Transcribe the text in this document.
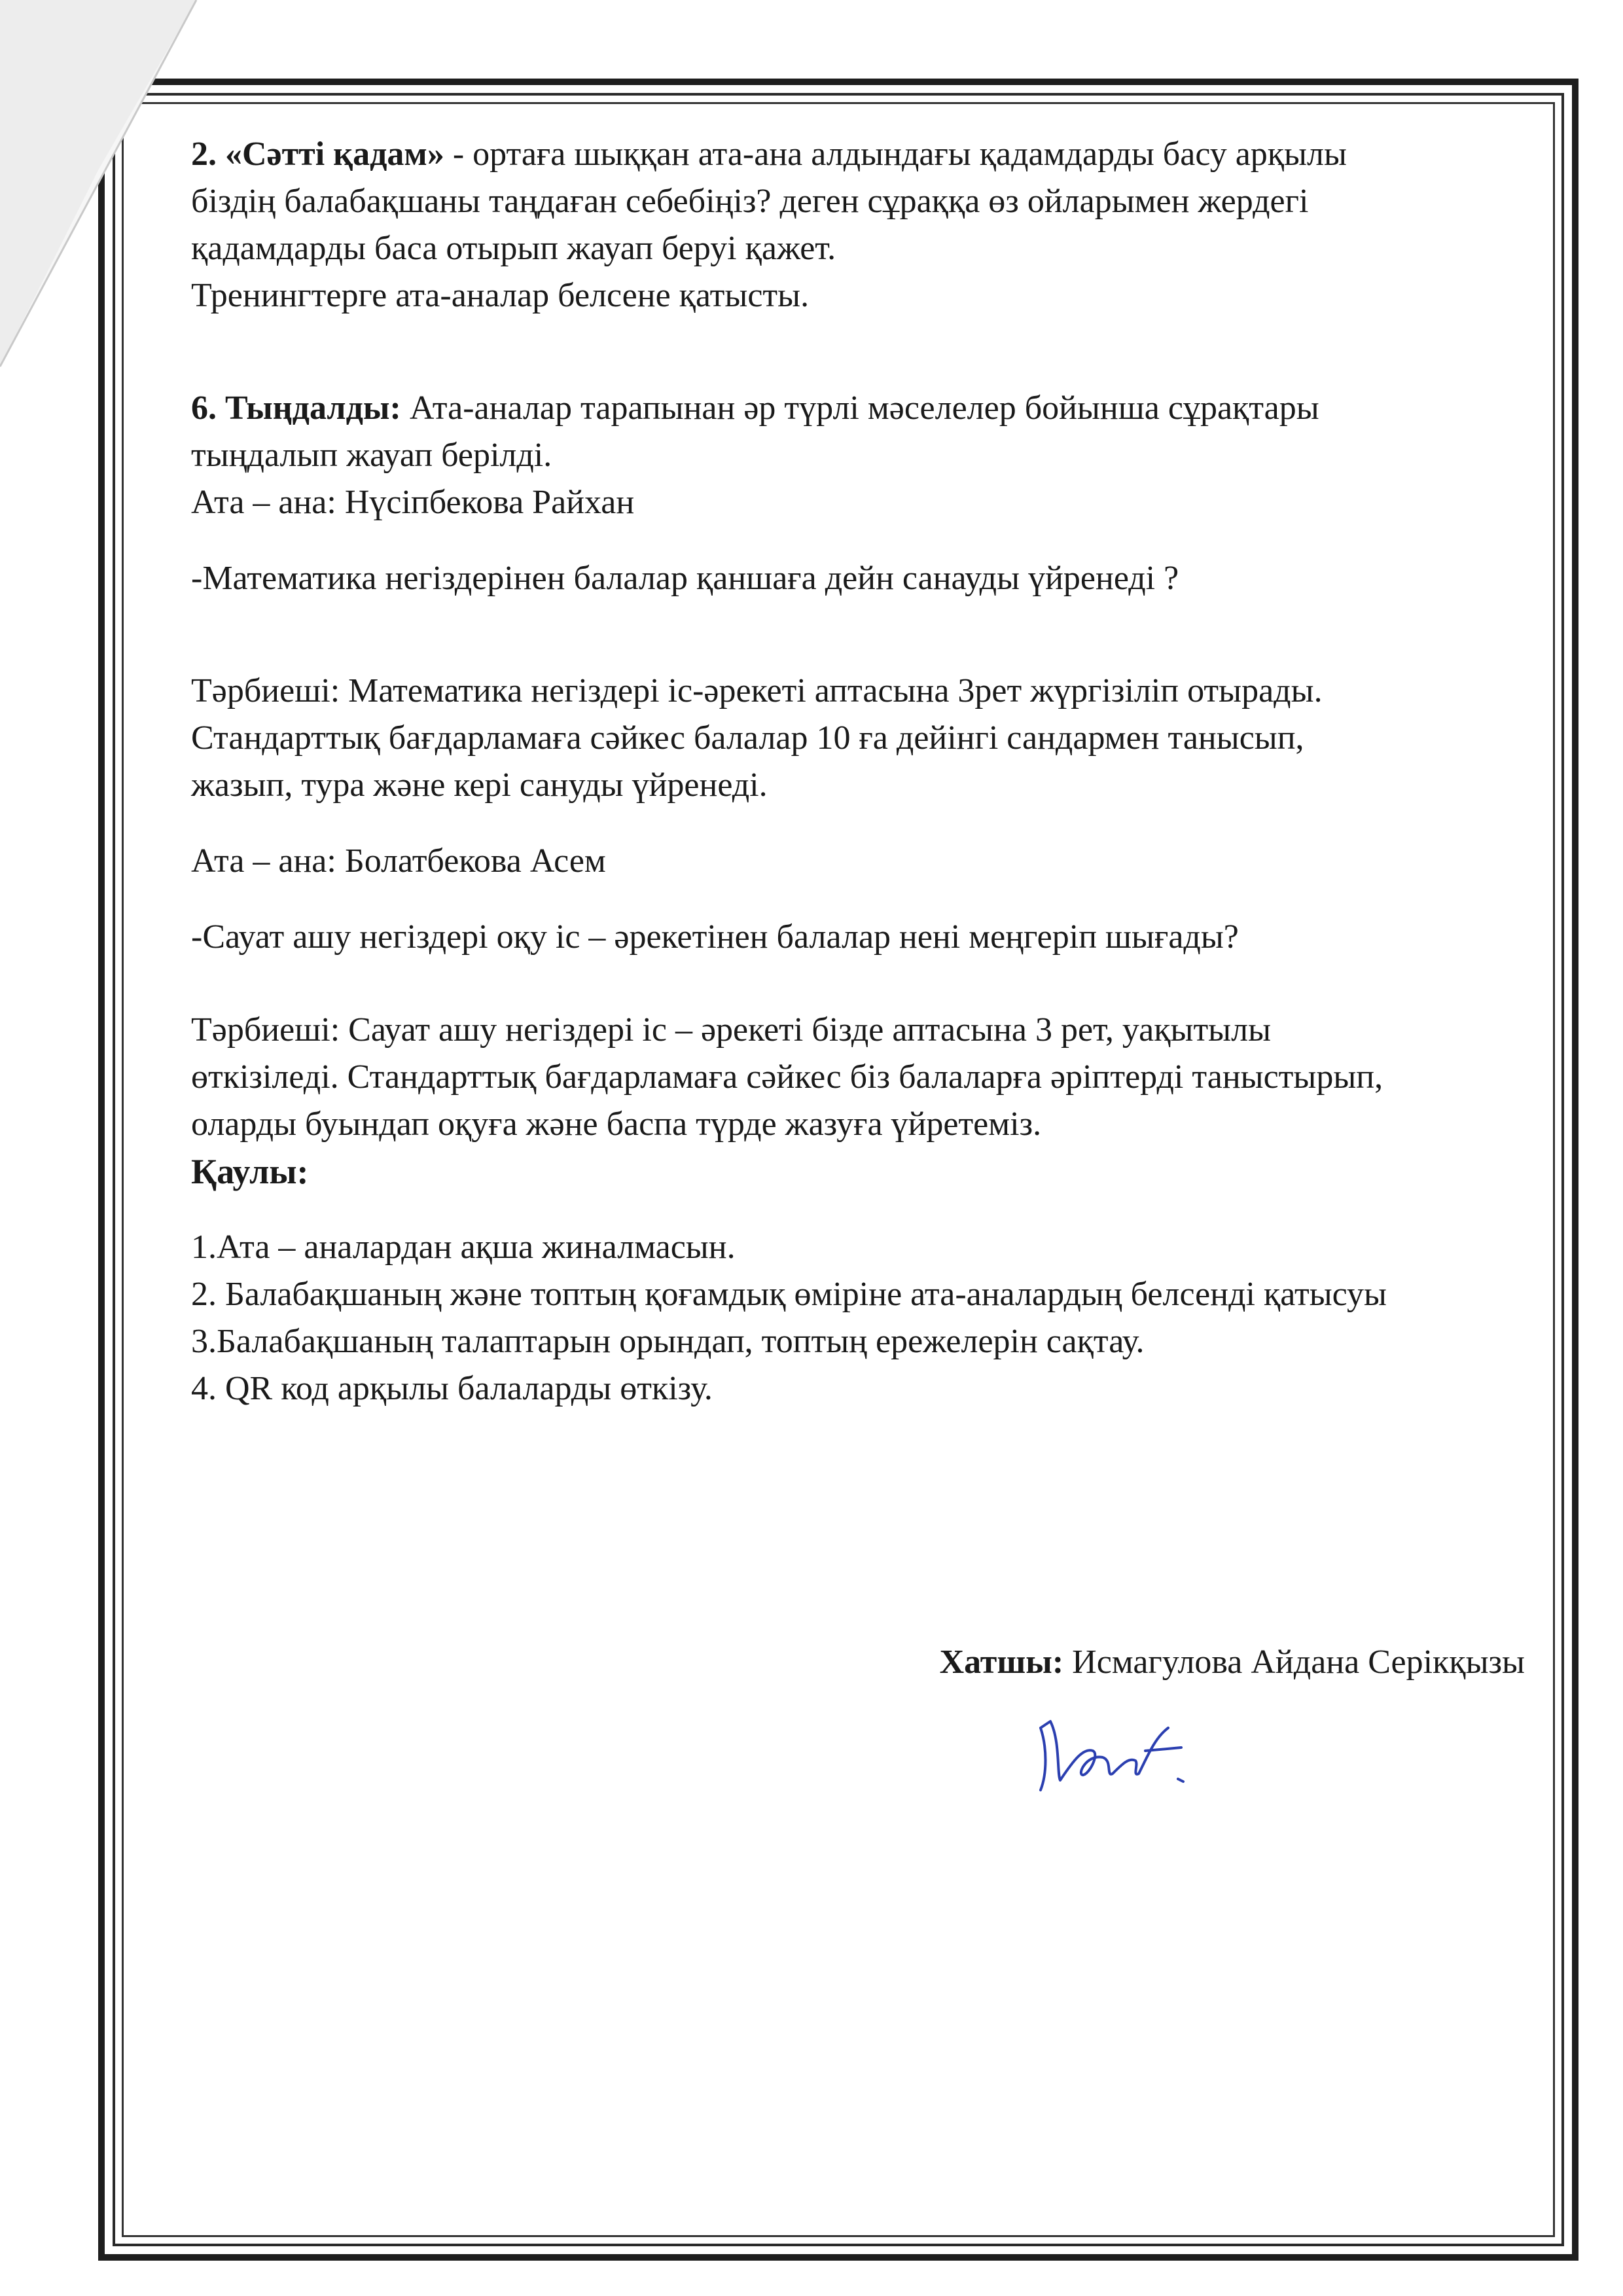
2. «Сәтті қадам» - ортаға шыққан ата-ана алдындағы қадамдарды басу арқылы

біздің балабақшаны таңдаған себебіңіз? деген сұраққа өз ойларымен жердегі

қадамдарды баса отырып жауап беруі қажет.

Тренингтерге ата-аналар белсене қатысты.

6. Тыңдалды: Ата-аналар тарапынан әр түрлі мәселелер бойынша сұрақтары

тыңдалып жауап берілді.

Ата – ана: Нүсіпбекова Райхан

-Математика негіздерінен балалар қаншаға дейн санауды үйренеді ?

Тәрбиеші: Математика негіздері іс-әрекеті аптасына 3рет жүргізіліп отырады.

Стандарттық бағдарламаға сәйкес балалар 10 ға дейінгі сандармен танысып,

жазып, тура және кері сануды үйренеді.

Ата – ана: Болатбекова Асем

-Сауат ашу негіздері оқу іс – әрекетінен балалар нені меңгеріп шығады?

Тәрбиеші: Сауат ашу негіздері іс – әрекеті бізде аптасына 3 рет, уақытылы

өткізіледі. Стандарттық бағдарламаға сәйкес біз балаларға әріптерді таныстырып,

оларды буындап оқуға және баспа түрде жазуға үйретеміз.

Қаулы:

1.Ата – аналардан ақша жиналмасын.

2. Балабақшаның және топтың қоғамдық өміріне ата-аналардың белсенді қатысуы

3.Балабақшаның талаптарын орындап, топтың ережелерін сақтау.

4. QR код арқылы балаларды өткізу.

Хатшы: Исмагулова Айдана Серікқызы
